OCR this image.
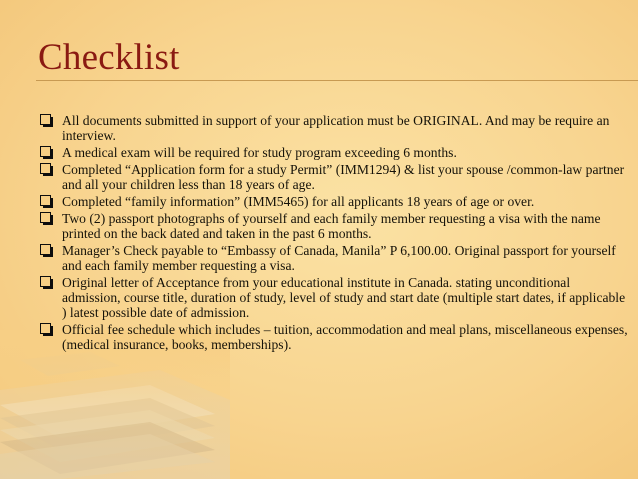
Checklist
All documents submitted in support of your application must be ORIGINAL. And may be require an interview.
A medical exam will be required for study program exceeding 6 months.
Completed “Application form for a study Permit” (IMM1294) & list your spouse /common-law partner and all your children less than 18 years of age.
Completed “family information” (IMM5465) for all applicants 18 years of age or over.
Two (2) passport photographs of yourself and each family member requesting a visa with the name printed on the back dated and taken in the past 6 months.
Manager’s Check payable to “Embassy of Canada, Manila” P 6,100.00. Original passport for yourself and each family member requesting a visa.
Original letter of Acceptance from your educational institute in Canada. stating unconditional admission, course title, duration of study, level of study and start date (multiple start dates, if applicable ) latest possible date of admission.
Official fee schedule which includes – tuition, accommodation and meal plans, miscellaneous expenses, (medical insurance, books, memberships).
